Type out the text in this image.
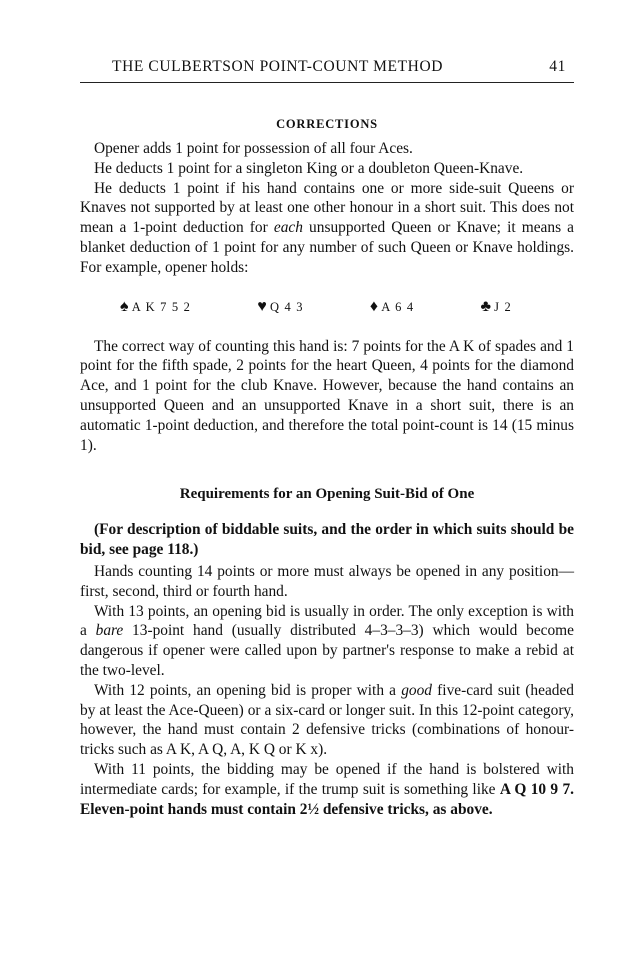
THE CULBERTSON POINT-COUNT METHOD	41
CORRECTIONS

Opener adds 1 point for possession of all four Aces.

He deducts 1 point for a singleton King or a doubleton Queen-Knave.

He deducts 1 point if his hand contains one or more side-suit Queens or Knaves not supported by at least one other honour in a short suit. This does not mean a 1-point deduction for each unsupported Queen or Knave; it means a blanket deduction of 1 point for any number of such Queen or Knave holdings. For example, opener holds:

♠ A K 7 5 2	♥ Q 4 3	♦ A 6 4	♣ J 2

The correct way of counting this hand is: 7 points for the A K of spades and 1 point for the fifth spade, 2 points for the heart Queen, 4 points for the diamond Ace, and 1 point for the club Knave. However, because the hand contains an unsupported Queen and an unsupported Knave in a short suit, there is an automatic 1-point deduction, and therefore the total point-count is 14 (15 minus 1).

Requirements for an Opening Suit-Bid of One

(For description of biddable suits, and the order in which suits should be bid, see page 118.)

Hands counting 14 points or more must always be opened in any position—first, second, third or fourth hand.

With 13 points, an opening bid is usually in order. The only exception is with a bare 13-point hand (usually distributed 4–3–3–3) which would become dangerous if opener were called upon by partner's response to make a rebid at the two-level.

With 12 points, an opening bid is proper with a good five-card suit (headed by at least the Ace-Queen) or a six-card or longer suit. In this 12-point category, however, the hand must contain 2 defensive tricks (combinations of honour-tricks such as A K, A Q, A, K Q or K x).

With 11 points, the bidding may be opened if the hand is bolstered with intermediate cards; for example, if the trump suit is something like A Q 10 9 7. Eleven-point hands must contain 2½ defensive tricks, as above.
